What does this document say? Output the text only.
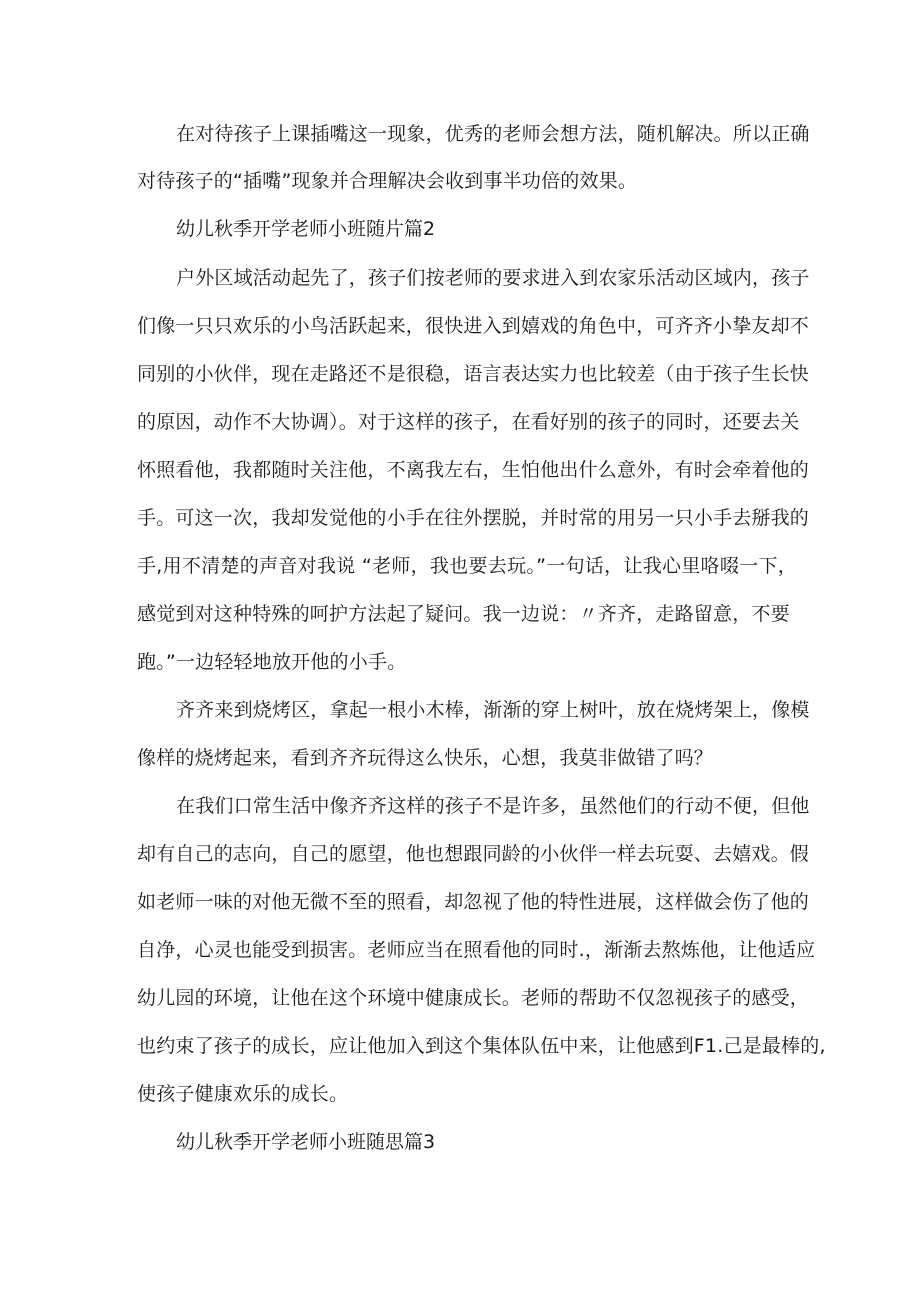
在对待孩子上课插嘴这一现象，优秀的老师会想方法，随机解决。所以正确
对待孩子的“插嘴”现象并合理解决会收到事半功倍的效果。
幼儿秋季开学老师小班随片篇2
户外区域活动起先了，孩子们按老师的要求进入到农家乐活动区域内，孩子
们像一只只欢乐的小鸟活跃起来，很快进入到嬉戏的角色中，可齐齐小挚友却不
同别的小伙伴，现在走路还不是很稳，语言表达实力也比较差（由于孩子生长快
的原因，动作不大协调）。对于这样的孩子，在看好别的孩子的同时，还要去关
怀照看他，我都随时关注他，不离我左右，生怕他出什么意外，有时会牵着他的
手。可这一次，我却发觉他的小手在往外摆脱，并时常的用另一只小手去掰我的
手,用不清楚的声音对我说 “老师，我也要去玩。”一句话，让我心里咯啜一下，
感觉到对这种特殊的呵护方法起了疑问。我一边说：〃齐齐，走路留意，不要
跑。”一边轻轻地放开他的小手。
齐齐来到烧烤区，拿起一根小木棒，渐渐的穿上树叶，放在烧烤架上，像模
像样的烧烤起来，看到齐齐玩得这么快乐，心想，我莫非做错了吗？
在我们口常生活中像齐齐这样的孩子不是许多，虽然他们的行动不便，但他
却有自己的志向，自己的愿望，他也想跟同龄的小伙伴一样去玩耍、去嬉戏。假
如老师一味的对他无微不至的照看，却忽视了他的特性进展，这样做会伤了他的
自净，心灵也能受到损害。老师应当在照看他的同时.，渐渐去熬炼他，让他适应
幼儿园的环境，让他在这个环境中健康成长。老师的帮助不仅忽视孩子的感受，
也约束了孩子的成长，应让他加入到这个集体队伍中来，让他感到F1.己是最棒的,
使孩子健康欢乐的成长。
幼儿秋季开学老师小班随思篇3
